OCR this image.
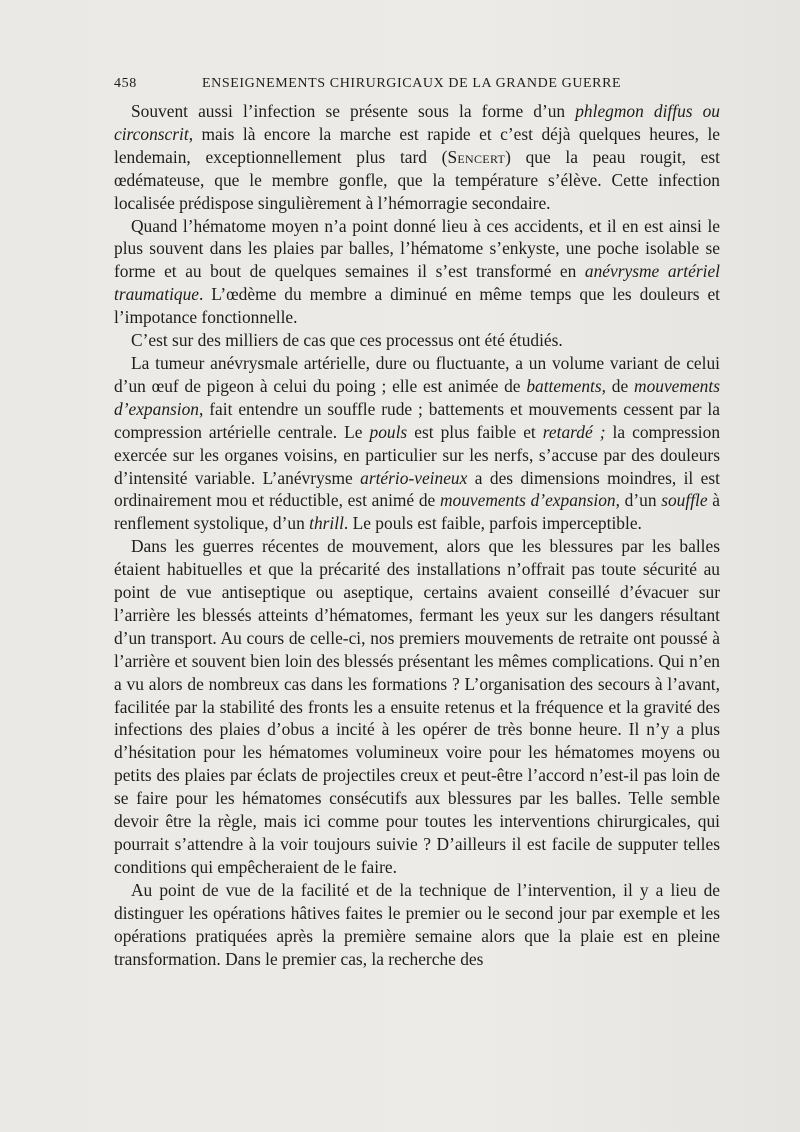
458	ENSEIGNEMENTS CHIRURGICAUX DE LA GRANDE GUERRE

Souvent aussi l’infection se présente sous la forme d’un phlegmon diffus ou circonscrit, mais là encore la marche est rapide et c’est déjà quelques heures, le lendemain, exceptionnellement plus tard (Sencert) que la peau rougit, est œdémateuse, que le membre gonfle, que la température s’élève. Cette infection localisée prédispose singulièrement à l’hémorragie secondaire.

Quand l’hématome moyen n’a point donné lieu à ces accidents, et il en est ainsi le plus souvent dans les plaies par balles, l’hématome s’enkyste, une poche isolable se forme et au bout de quelques semaines il s’est transformé en anévrysme artériel traumatique. L’œdème du membre a diminué en même temps que les douleurs et l’impotance fonctionnelle.

C’est sur des milliers de cas que ces processus ont été étudiés.

La tumeur anévrysmale artérielle, dure ou fluctuante, a un volume variant de celui d’un œuf de pigeon à celui du poing ; elle est animée de battements, de mouvements d’expansion, fait entendre un souffle rude ; battements et mouvements cessent par la compression artérielle centrale. Le pouls est plus faible et retardé ; la compression exercée sur les organes voisins, en particulier sur les nerfs, s’accuse par des douleurs d’intensité variable. L’anévrysme artério-veineux a des dimensions moindres, il est ordinairement mou et réductible, est animé de mouvements d’expansion, d’un souffle à renflement systolique, d’un thrill. Le pouls est faible, parfois imperceptible.

Dans les guerres récentes de mouvement, alors que les blessures par les balles étaient habituelles et que la précarité des installations n’offrait pas toute sécurité au point de vue antiseptique ou aseptique, certains avaient conseillé d’évacuer sur l’arrière les blessés atteints d’hématomes, fermant les yeux sur les dangers résultant d’un transport. Au cours de celle-ci, nos premiers mouvements de retraite ont poussé à l’arrière et souvent bien loin des blessés présentant les mêmes complications. Qui n’en a vu alors de nombreux cas dans les formations ? L’organisation des secours à l’avant, facilitée par la stabilité des fronts les a ensuite retenus et la fréquence et la gravité des infections des plaies d’obus a incité à les opérer de très bonne heure. Il n’y a plus d’hésitation pour les hématomes volumineux voire pour les hématomes moyens ou petits des plaies par éclats de projectiles creux et peut-être l’accord n’est-il pas loin de se faire pour les hématomes consécutifs aux blessures par les balles. Telle semble devoir être la règle, mais ici comme pour toutes les interventions chirurgicales, qui pourrait s’attendre à la voir toujours suivie ? D’ailleurs il est facile de supputer telles conditions qui empêcheraient de le faire.

Au point de vue de la facilité et de la technique de l’intervention, il y a lieu de distinguer les opérations hâtives faites le premier ou le second jour par exemple et les opérations pratiquées après la première semaine alors que la plaie est en pleine transformation. Dans le premier cas, la recherche des
